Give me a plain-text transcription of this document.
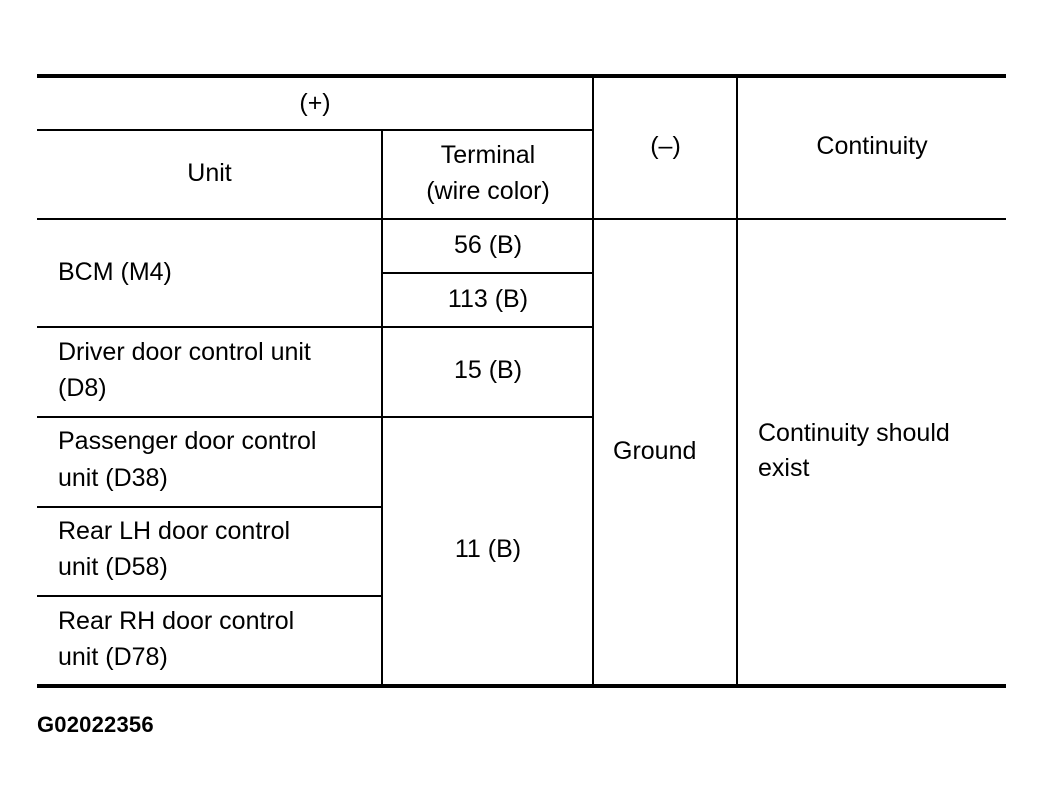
(+)
Unit
Terminal
(wire color)
(–)	Continuity
BCM (M4)
56 (B)
113 (B)
Driver door control unit
(D8)
15 (B)
Passenger door control
unit (D38)
Rear LH door control
unit (D58)
Rear RH door control
unit (D78)
11 (B)
Ground
Continuity should
exist
G02022356
